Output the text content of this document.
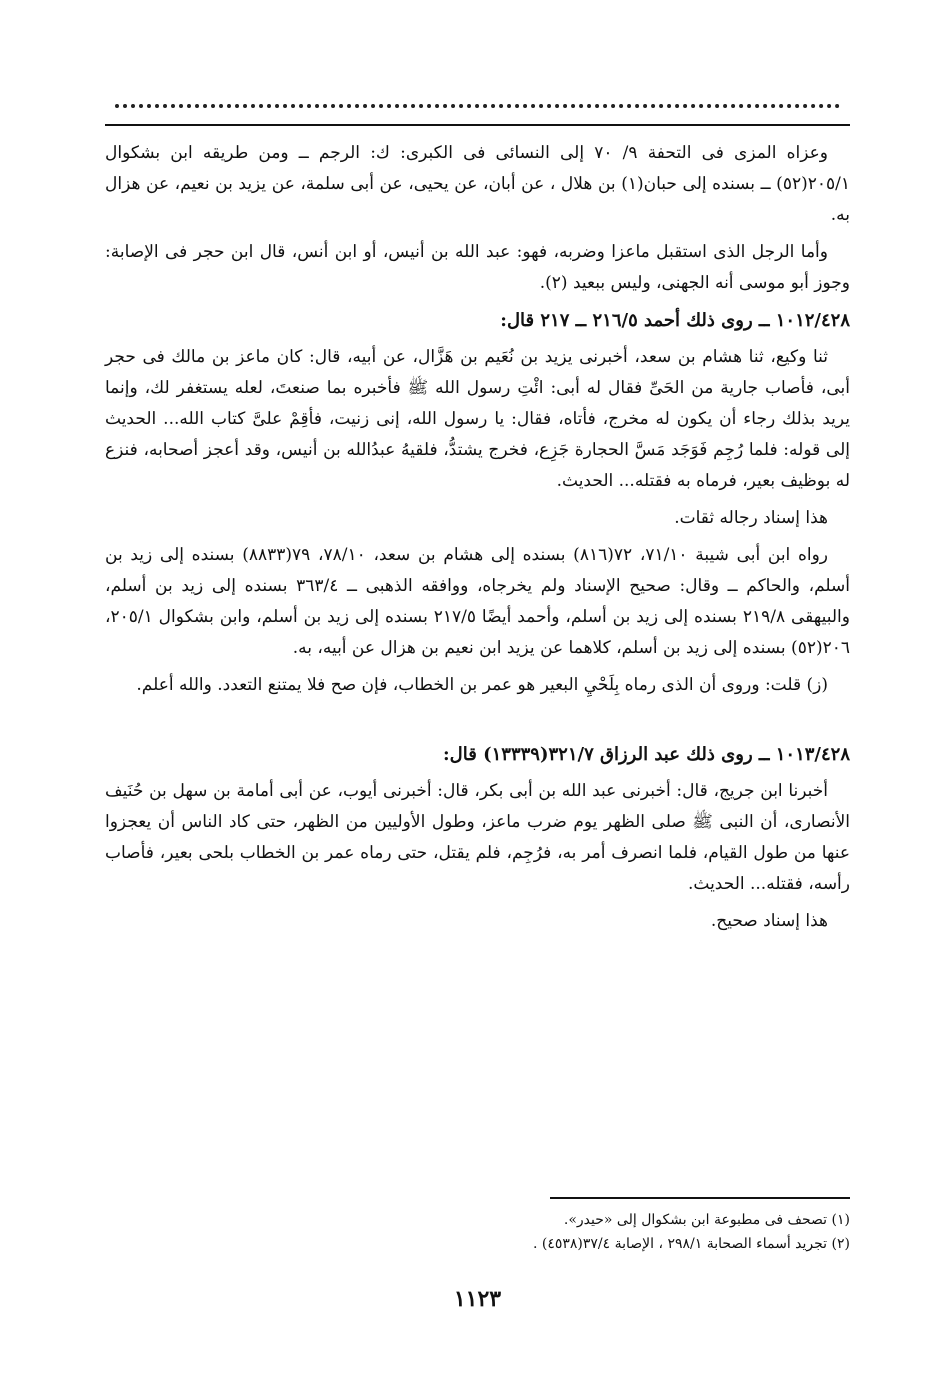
وعزاه المزى فى التحفة ٩/ ٧٠ إلى النسائى فى الكبرى: ك: الرجم ــ ومن طريقه ابن بشكوال ٢٠٥/١(٥٢) ــ بسنده إلى حبان(١) بن هلال ، عن أبان، عن يحيى، عن أبى سلمة، عن يزيد بن نعيم، عن هزال به.

وأما الرجل الذى استقبل ماعزا وضربه، فهو: عبد الله بن أنيس، أو ابن أنس، قال ابن حجر فى الإصابة: وجوز أبو موسى أنه الجهنى، وليس ببعيد (٢).

١٠١٢/٤٢٨ ــ روى ذلك أحمد ٢١٦/٥ ــ ٢١٧ قال:

ثنا وكيع، ثنا هشام بن سعد، أخبرنى يزيد بن نُعَيم بن هَزَّال، عن أبيه، قال: كان ماعز بن مالك فى حجر أبى، فأصاب جارية من الحَىِّ فقال له أبى: ائْتِ رسول الله ﷺ فأخبره بما صنعتَ، لعله يستغفر لك، وإنما يريد بذلك رجاء أن يكون له مخرج، فأتاه، فقال: يا رسول الله، إنى زنيت، فأقِمْ علىَّ كتاب الله... الحديث إلى قوله: فلما رُجِم فَوَجَد مَسَّ الحجارة جَزِع، فخرج يشتدُّ، فلقيهُ عبدُالله بن أنيس، وقد أعجز أصحابه، فنزع له بوظيف بعير، فرماه به فقتله... الحديث.

هذا إسناد رجاله ثقات.

رواه ابن أبى شيبة ٧١/١٠، ٧٢(٨١٦) بسنده إلى هشام بن سعد، ٧٨/١٠، ٧٩(٨٨٣٣) بسنده إلى زيد بن أسلم، والحاكم ــ وقال: صحيح الإسناد ولم يخرجاه، ووافقه الذهبى ــ ٣٦٣/٤ بسنده إلى زيد بن أسلم، والبيهقى ٢١٩/٨ بسنده إلى زيد بن أسلم، وأحمد أيضًا ٢١٧/٥ بسنده إلى زيد بن أسلم، وابن بشكوال ٢٠٥/١، ٢٠٦(٥٢) بسنده إلى زيد بن أسلم، كلاهما عن يزيد ابن نعيم بن هزال عن أبيه، به.

(ز) قلت: وروى أن الذى رماه بِلَحْيِ البعير هو عمر بن الخطاب، فإن صح فلا يمتنع التعدد. والله أعلم.

١٠١٣/٤٢٨ ــ روى ذلك عبد الرزاق ٣٢١/٧(١٣٣٣٩) قال:

أخبرنا ابن جريج، قال: أخبرنى عبد الله بن أبى بكر، قال: أخبرنى أيوب، عن أبى أمامة بن سهل بن حُنَيف الأنصارى، أن النبى ﷺ صلى الظهر يوم ضرب ماعز، وطول الأوليين من الظهر، حتى كاد الناس أن يعجزوا عنها من طول القيام، فلما انصرف أمر به، فرُجِم، فلم يقتل، حتى رماه عمر بن الخطاب بلحى بعير، فأصاب رأسه، فقتله... الحديث.

هذا إسناد صحيح.

(١) تصحف فى مطبوعة ابن بشكوال إلى «حيدر».
(٢) تجريد أسماء الصحابة ٢٩٨/١ ، الإصابة ٣٧/٤(٤٥٣٨) .
١١٢٣
